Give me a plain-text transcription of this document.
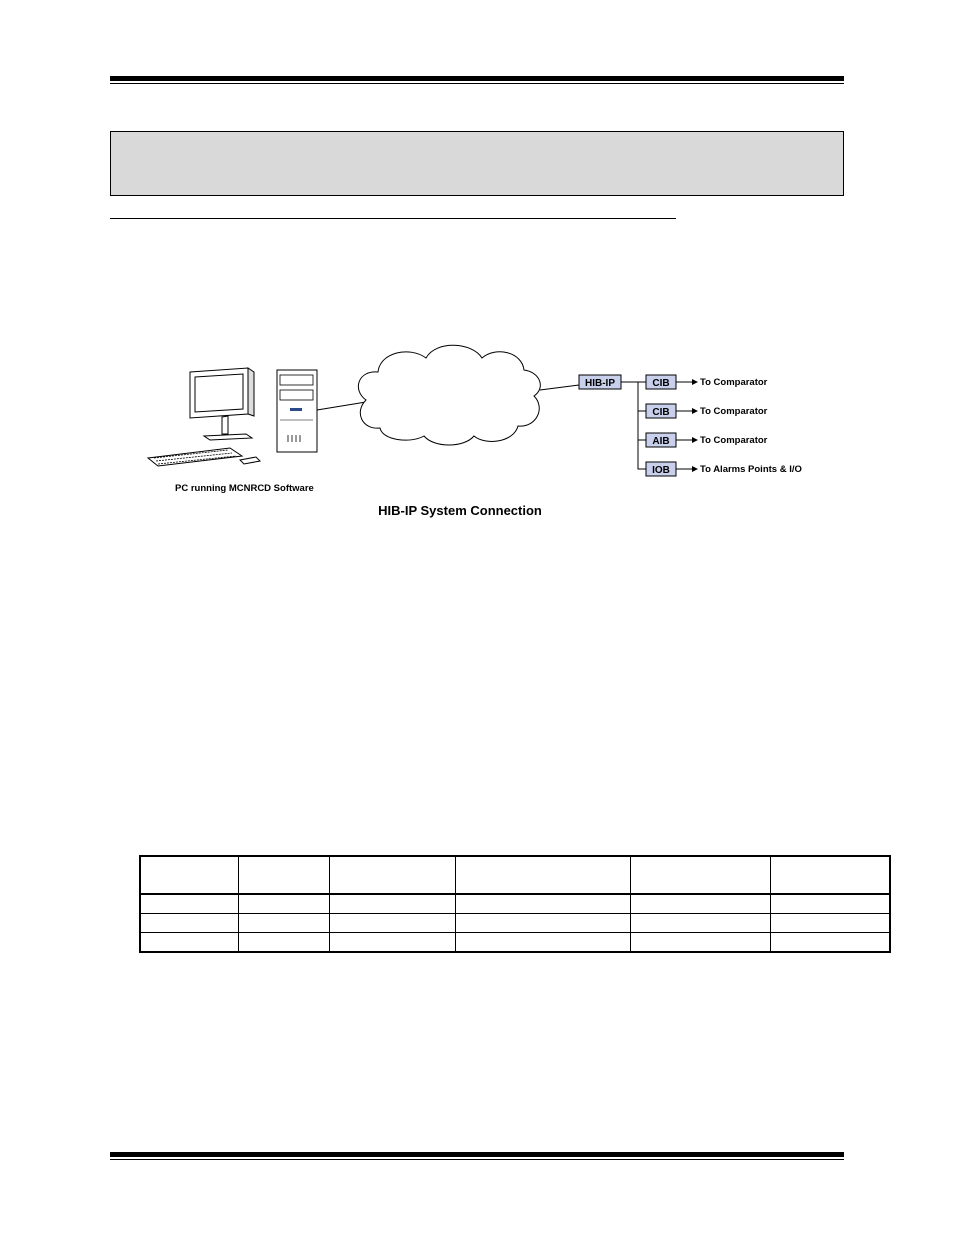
HIB-IP	CIB	To Comparator
CIB	To Comparator
AIB	To Comparator
IOB	To Alarms Points & I/O
PC running MCNRCD Software
HIB-IP System Connection
